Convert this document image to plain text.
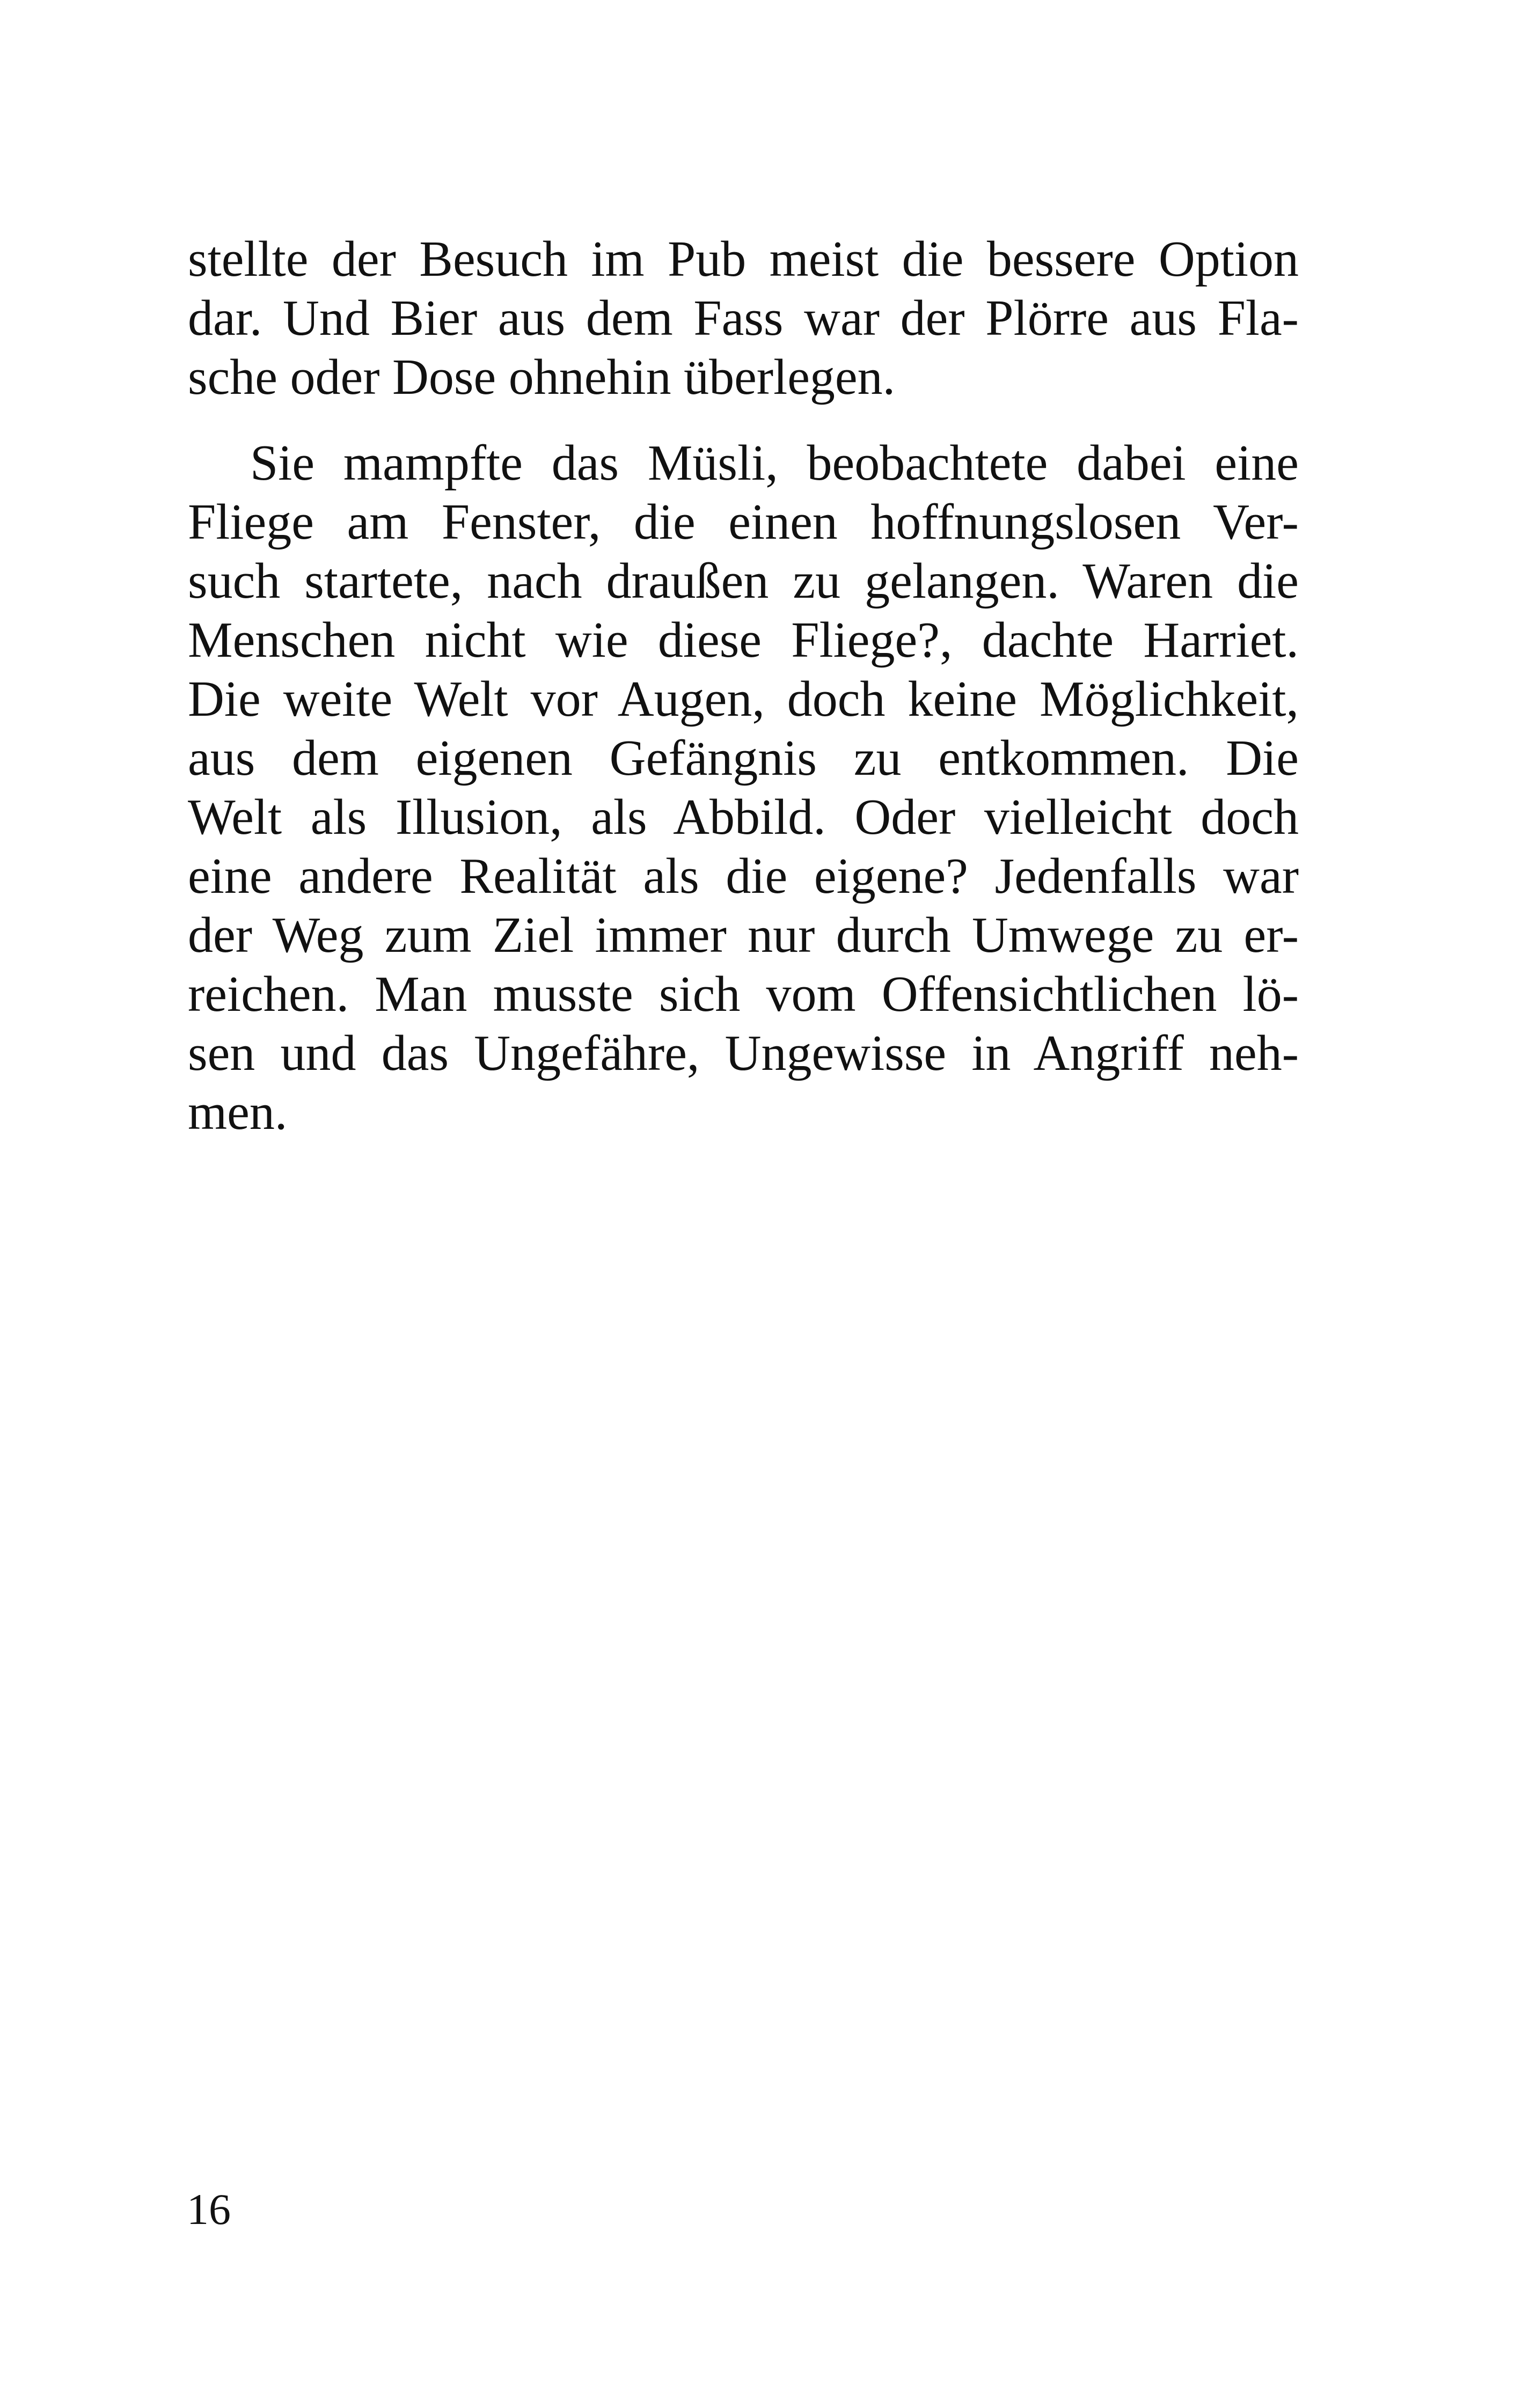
stellte der Besuch im Pub meist die bessere Option
dar. Und Bier aus dem Fass war der Plörre aus Fla-
sche oder Dose ohnehin überlegen.
Sie mampfte das Müsli, beobachtete dabei eine
Fliege am Fenster, die einen hoffnungslosen Ver-
such startete, nach draußen zu gelangen. Waren die
Menschen nicht wie diese Fliege?, dachte Harriet.
Die weite Welt vor Augen, doch keine Möglichkeit,
aus dem eigenen Gefängnis zu entkommen. Die
Welt als Illusion, als Abbild. Oder vielleicht doch
eine andere Realität als die eigene? Jedenfalls war
der Weg zum Ziel immer nur durch Umwege zu er-
reichen. Man musste sich vom Offensichtlichen lö-
sen und das Ungefähre, Ungewisse in Angriff neh-
men.
16
